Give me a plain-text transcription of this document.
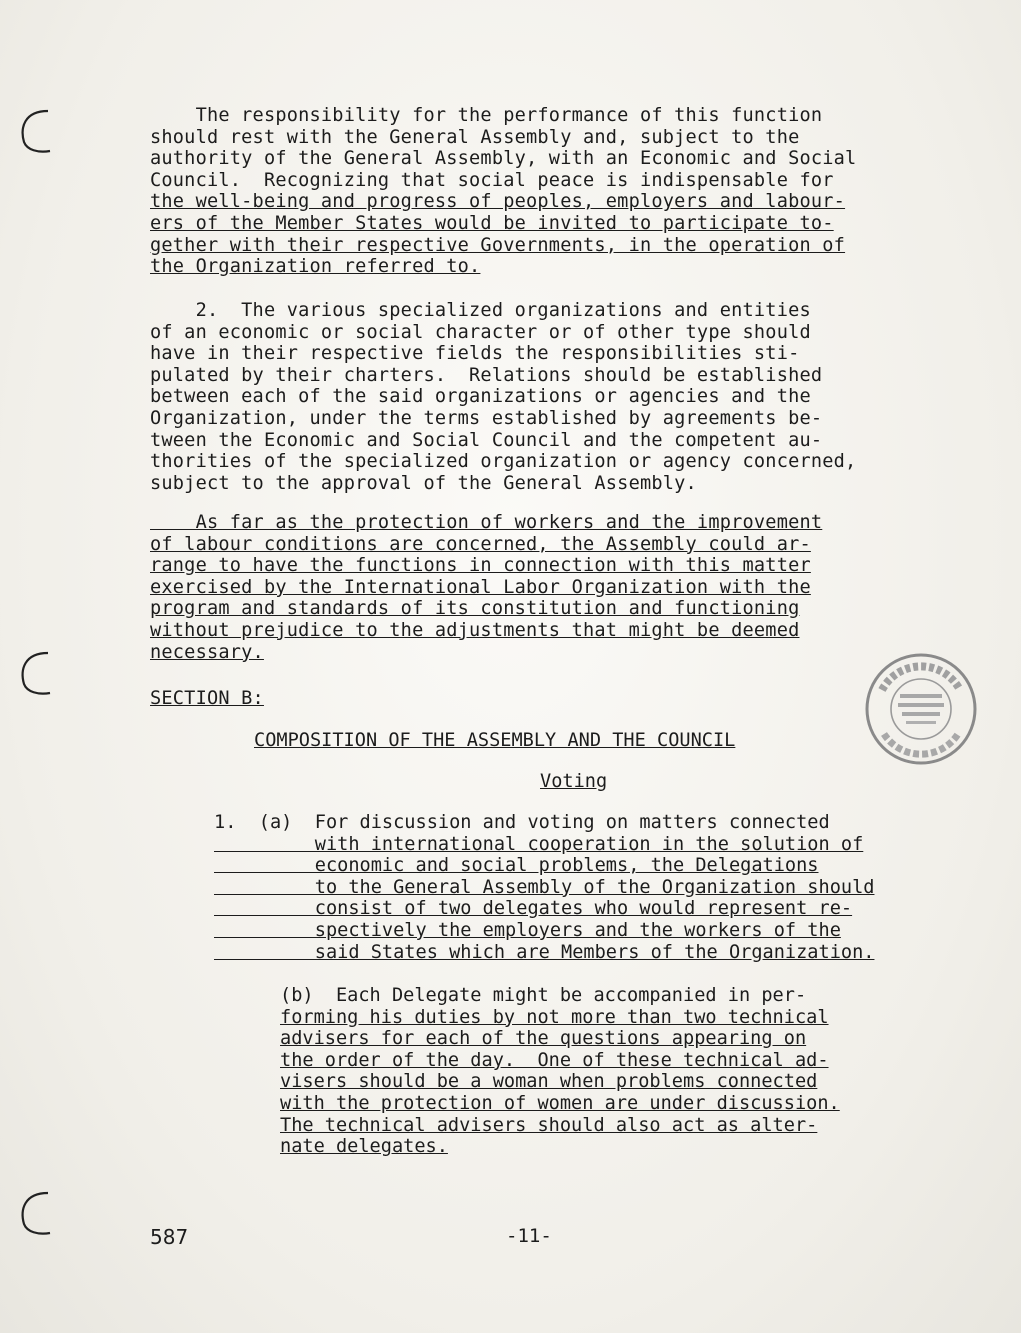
The responsibility for the performance of this function
should rest with the General Assembly and, subject to the
authority of the General Assembly, with an Economic and Social
Council.  Recognizing that social peace is indispensable for
the well-being and progress of peoples, employers and labour-
ers of the Member States would be invited to participate to-
gether with their respective Governments, in the operation of
the Organization referred to.
2.  The various specialized organizations and entities
of an economic or social character or of other type should
have in their respective fields the responsibilities sti-
pulated by their charters.  Relations should be established
between each of the said organizations or agencies and the
Organization, under the terms established by agreements be-
tween the Economic and Social Council and the competent au-
thorities of the specialized organization or agency concerned,
subject to the approval of the General Assembly.
As far as the protection of workers and the improvement
of labour conditions are concerned, the Assembly could ar-
range to have the functions in connection with this matter
exercised by the International Labor Organization with the
program and standards of its constitution and functioning
without prejudice to the adjustments that might be deemed
necessary.
SECTION B:
COMPOSITION OF THE ASSEMBLY AND THE COUNCIL
Voting
1.  (a)  For discussion and voting on matters connected
with international cooperation in the solution of
economic and social problems, the Delegations
to the General Assembly of the Organization should
consist of two delegates who would represent re-
spectively the employers and the workers of the
said States which are Members of the Organization.
(b)  Each Delegate might be accompanied in per-
forming his duties by not more than two technical
advisers for each of the questions appearing on
the order of the day.  One of these technical ad-
visers should be a woman when problems connected
with the protection of women are under discussion.
The technical advisers should also act as alter-
nate delegates.
587	-11-
